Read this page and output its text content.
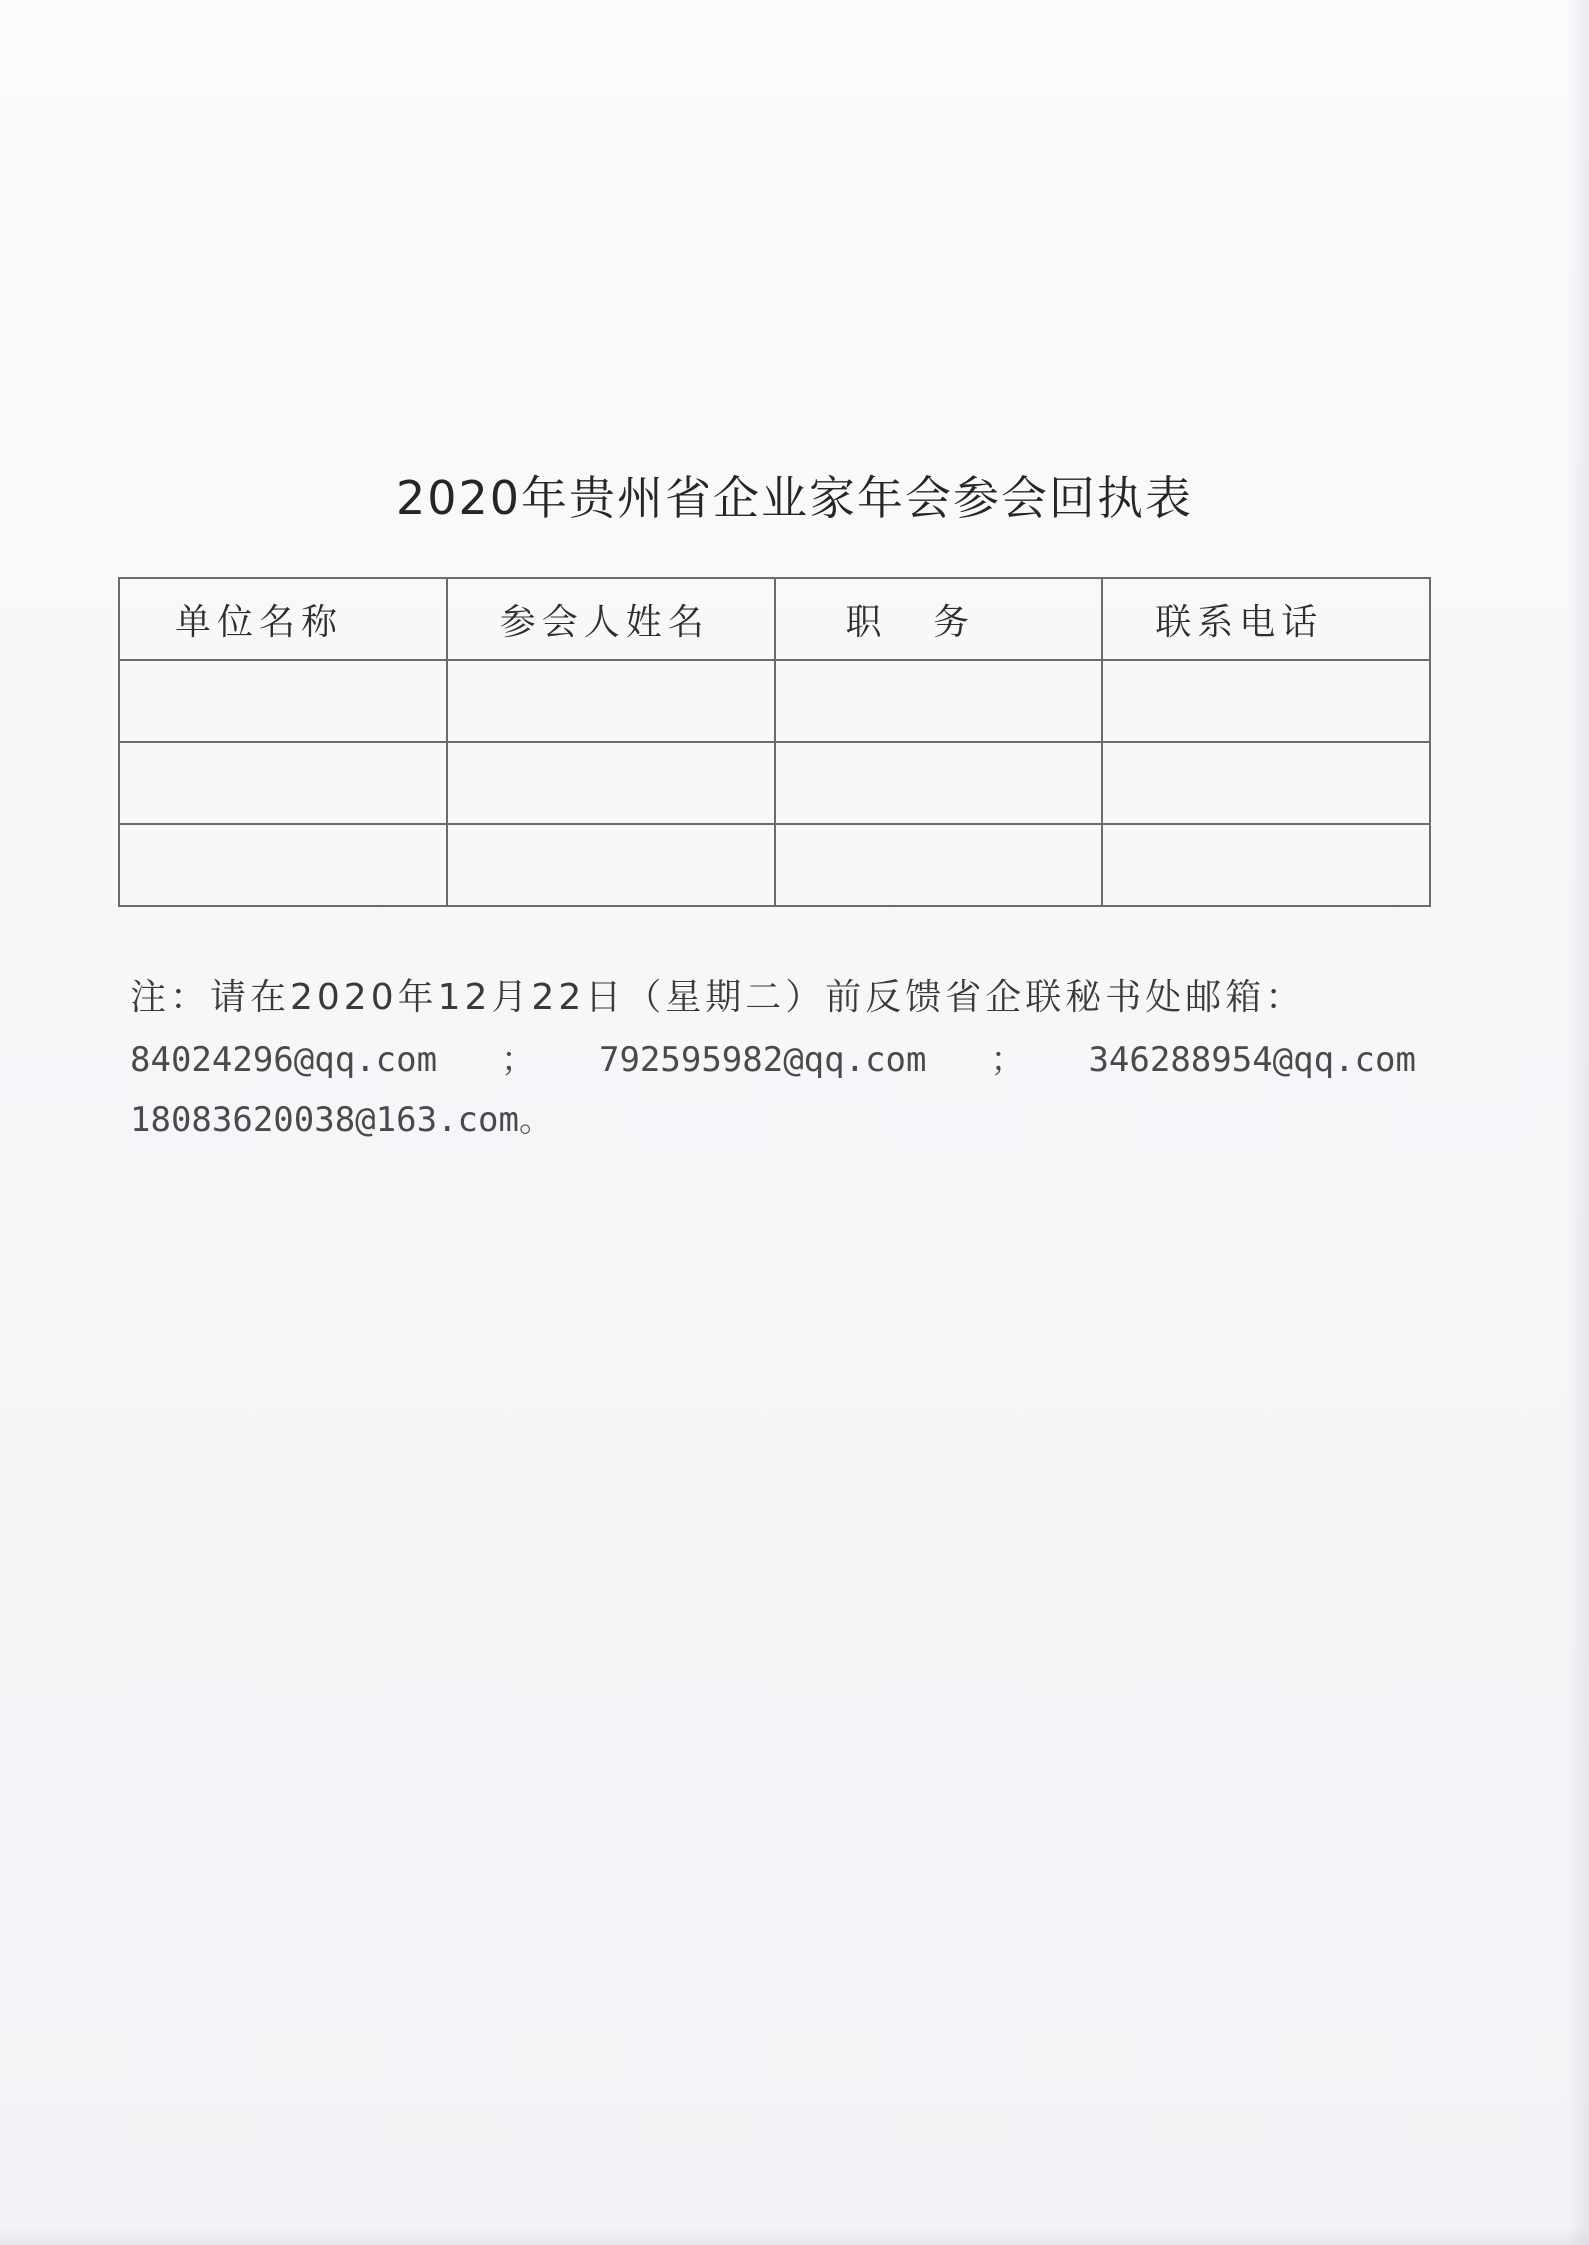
2020年贵州省企业家年会参会回执表
单位名称	参会人姓名	职 务	联系电话

注：请在2020年12月22日（星期二）前反馈省企联秘书处邮箱：
84024296@qq.com ； 792595982@qq.com ； 346288954@qq.com
18083620038@163.com。
